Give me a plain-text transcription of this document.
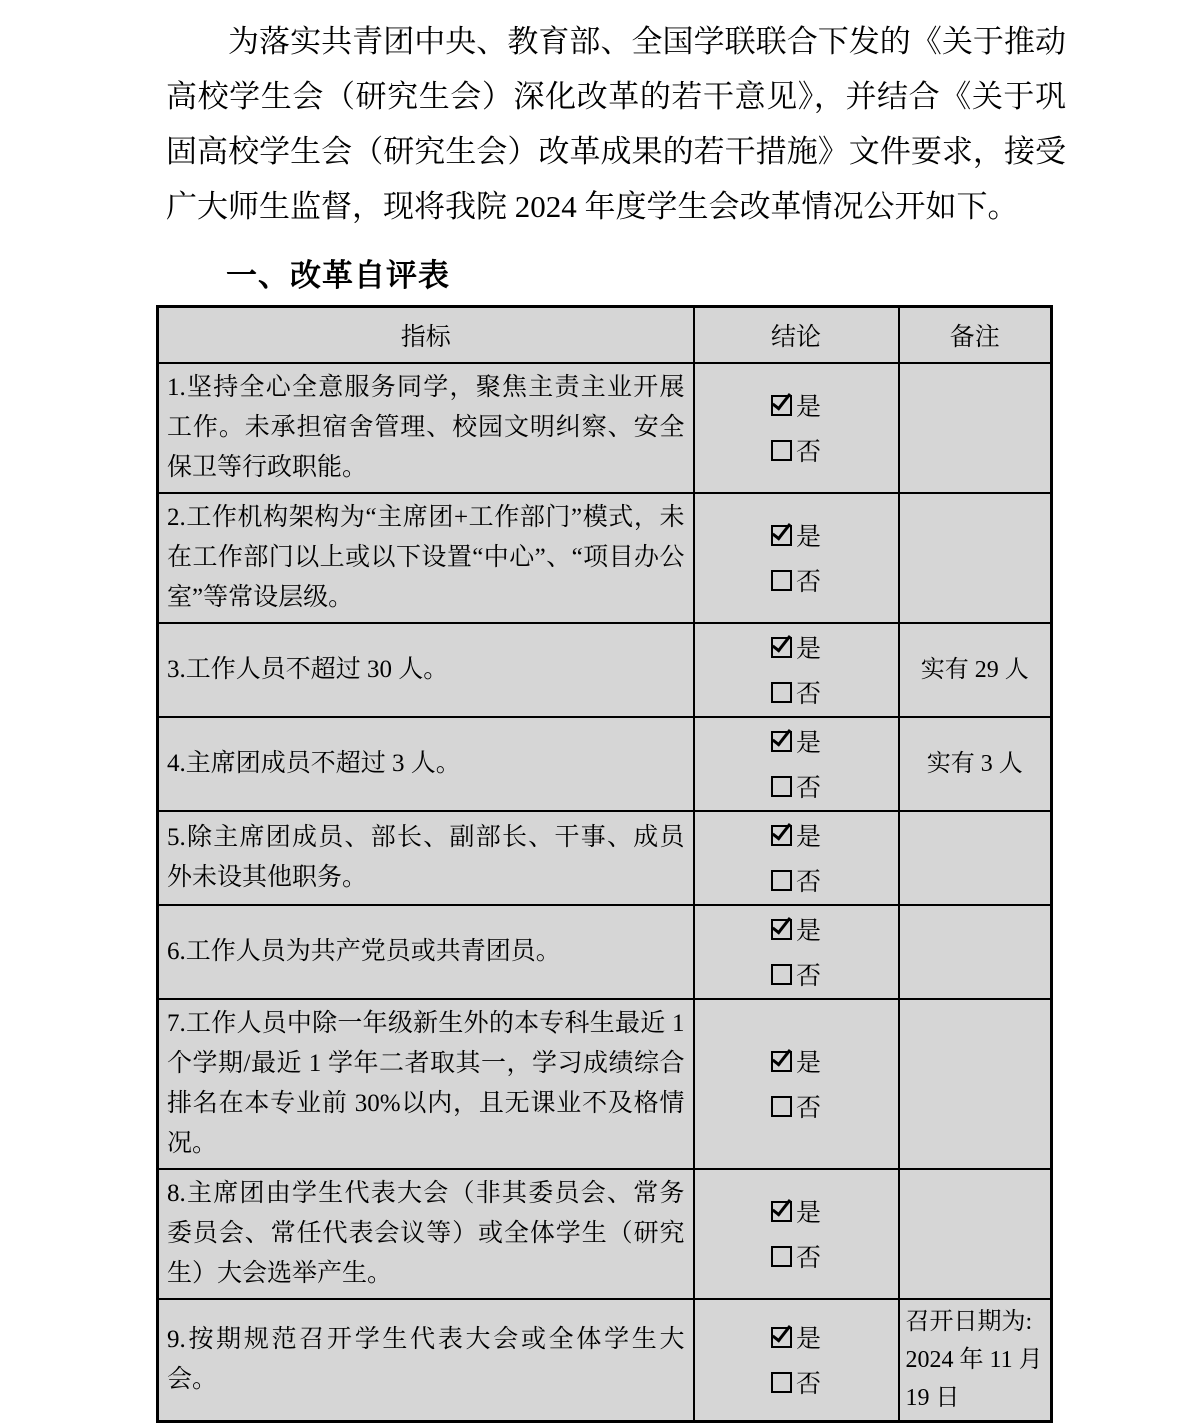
为落实共青团中央、教育部、全国学联联合下发的《关于推动高校学生会（研究生会）深化改革的若干意见》，并结合《关于巩固高校学生会（研究生会）改革成果的若干措施》文件要求，接受广大师生监督，现将我院 2024 年度学生会改革情况公开如下。

一、改革自评表
指标	结论	备注
1.坚持全心全意服务同学，聚焦主责主业开展工作。未承担宿舍管理、校园文明纠察、安全保卫等行政职能。	是
否	

2.工作机构架构为“主席团+工作部门”模式，未在工作部门以上或以下设置“中心”、“项目办公室”等常设层级。	是
否	

3.工作人员不超过 30 人。	是
否	实有 29 人
4.主席团成员不超过 3 人。	是
否	实有 3 人
5.除主席团成员、部长、副部长、干事、成员外未设其他职务。	是
否	

6.工作人员为共产党员或共青团员。	是
否	

7.工作人员中除一年级新生外的本专科生最近 1 个学期/最近 1 学年二者取其一，学习成绩综合排名在本专业前 30%以内，且无课业不及格情况。	是
否	

8.主席团由学生代表大会（非其委员会、常务委员会、常任代表会议等）或全体学生（研究生）大会选举产生。	是
否	

9.按期规范召开学生代表大会或全体学生大会。	是
否	召开日期为: 2024 年 11 月 19 日
